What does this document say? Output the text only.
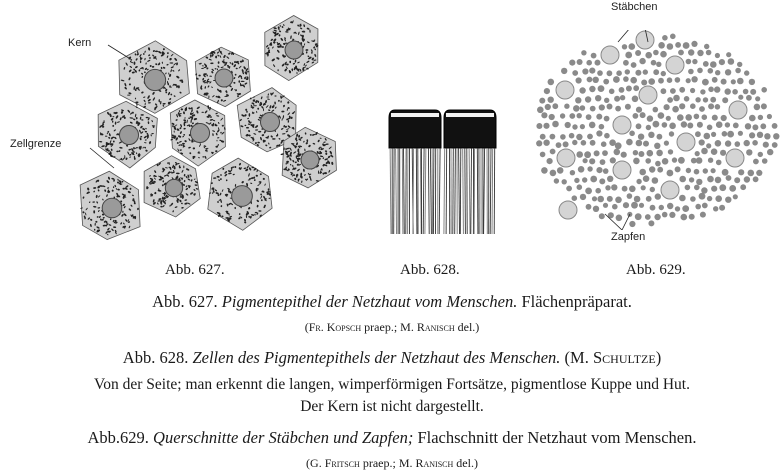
Kern
Zellgrenze
Stäbchen
Zapfen
Abb. 627.	Abb. 628.	Abb. 629.
Abb. 627. Pigmentepithel der Netzhaut vom Menschen. Flächenpräparat.
(Fr. Kopsch praep.; M. Ranisch del.)
Abb. 628. Zellen des Pigmentepithels der Netzhaut des Menschen. (M. Schultze)
Von der Seite; man erkennt die langen, wimperförmigen Fortsätze, pigmentlose Kuppe und Hut.
Der Kern ist nicht dargestellt.
Abb.629. Querschnitte der Stäbchen und Zapfen; Flachschnitt der Netzhaut vom Menschen.
(G. Fritsch praep.; M. Ranisch del.)
